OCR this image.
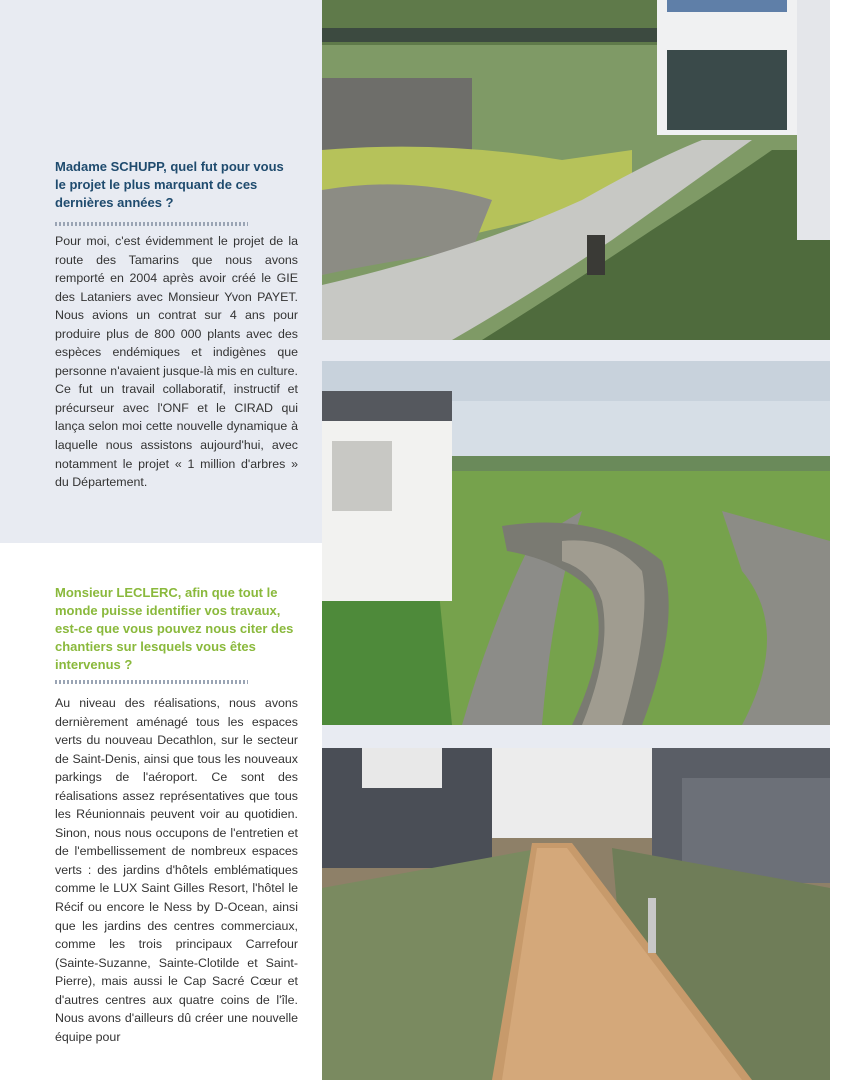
Madame SCHUPP, quel fut pour vous le projet le plus marquant de ces dernières années ?

Pour moi, c'est évidemment le projet de la route des Tamarins que nous avons remporté en 2004 après avoir créé le GIE des Lataniers avec Monsieur Yvon PAYET. Nous avions un contrat sur 4 ans pour produire plus de 800 000 plants avec des espèces endémiques et indigènes que personne n'avaient jusque-là mis en culture. Ce fut un travail collaboratif, instructif et précurseur avec l'ONF et le CIRAD qui lança selon moi cette nouvelle dynamique à laquelle nous assistons aujourd'hui, avec notamment le projet « 1 million d'arbres » du Département.

Monsieur LECLERC, afin que tout le monde puisse identifier vos travaux, est-ce que vous pouvez nous citer des chantiers sur lesquels vous êtes intervenus ?

Au niveau des réalisations, nous avons dernièrement aménagé tous les espaces verts du nouveau Decathlon, sur le secteur de Saint-Denis, ainsi que tous les nouveaux parkings de l'aéroport. Ce sont des réalisations assez représentatives que tous les Réunionnais peuvent voir au quotidien. Sinon, nous nous occupons de l'entretien et de l'embellissement de nombreux espaces verts : des jardins d'hôtels emblématiques comme le LUX Saint Gilles Resort, l'hôtel le Récif ou encore le Ness by D-Ocean, ainsi que les jardins des centres commerciaux, comme les trois principaux Carrefour (Sainte-Suzanne, Sainte-Clotilde et Saint-Pierre), mais aussi le Cap Sacré Cœur et d'autres centres aux quatre coins de l'île. Nous avons d'ailleurs dû créer une nouvelle équipe pour
